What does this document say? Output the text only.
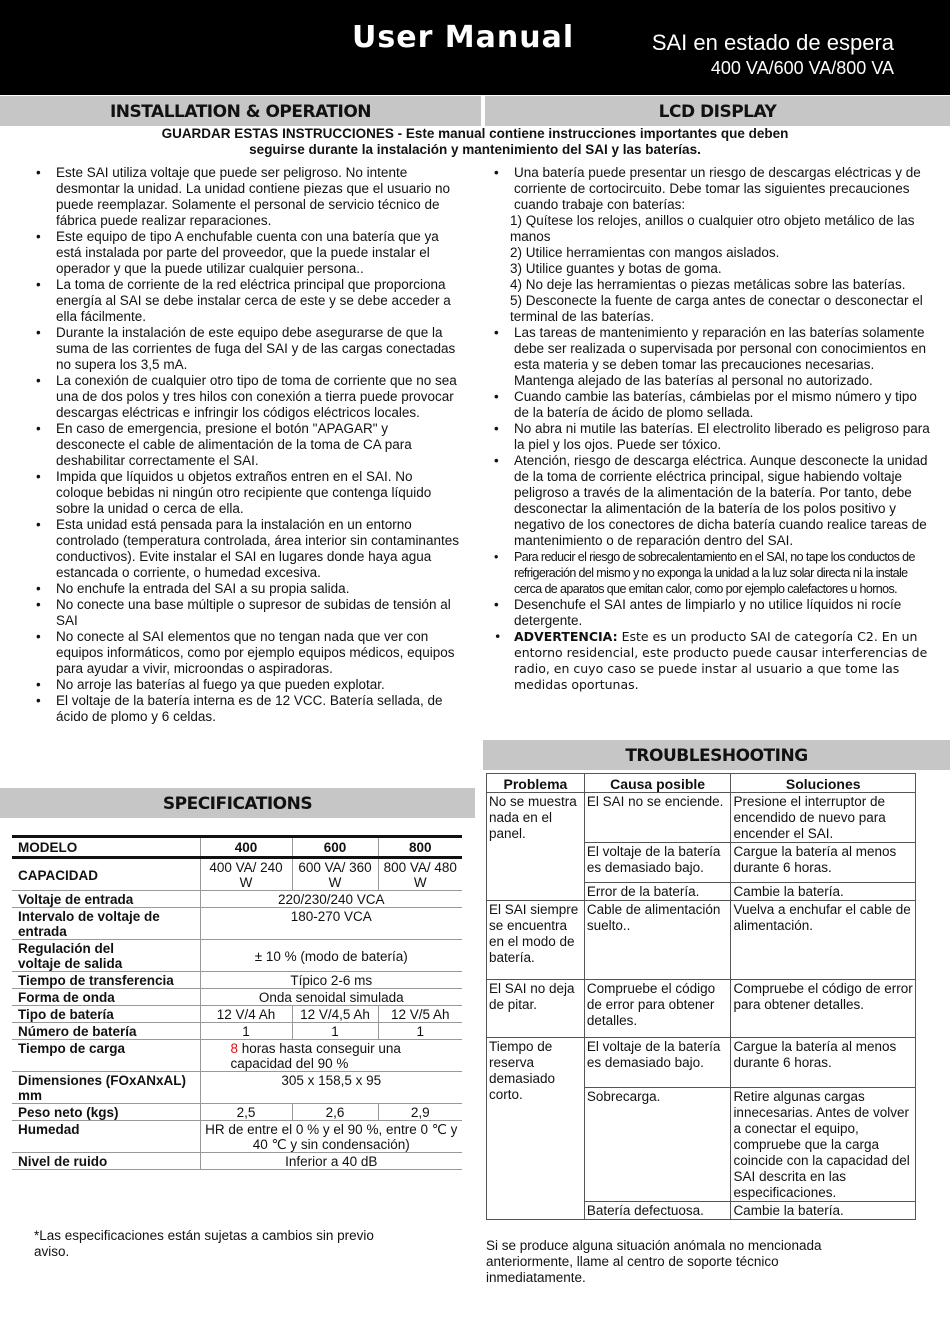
User Manual	SAI en estado de espera
400 VA/600 VA/800 VA
INSTALLATION & OPERATION	LCD DISPLAY
GUARDAR ESTAS INSTRUCCIONES - Este manual contiene instrucciones importantes que deben
seguirse durante la instalación y mantenimiento del SAI y las baterías.
• Este SAI utiliza voltaje que puede ser peligroso. No intente desmontar la unidad. La unidad contiene piezas que el usuario no puede reemplazar. Solamente el personal de servicio técnico de fábrica puede realizar reparaciones.
• Este equipo de tipo A enchufable cuenta con una batería que ya está instalada por parte del proveedor, que la puede instalar el operador y que la puede utilizar cualquier persona..
• La toma de corriente de la red eléctrica principal que proporciona energía al SAI se debe instalar cerca de este y se debe acceder a ella fácilmente.
• Durante la instalación de este equipo debe asegurarse de que la suma de las corrientes de fuga del SAI y de las cargas conectadas no supera los 3,5 mA.
• La conexión de cualquier otro tipo de toma de corriente que no sea una de dos polos y tres hilos con conexión a tierra puede provocar descargas eléctricas e infringir los códigos eléctricos locales.
• En caso de emergencia, presione el botón "APAGAR" y desconecte el cable de alimentación de la toma de CA para deshabilitar correctamente el SAI.
• Impida que líquidos u objetos extraños entren en el SAI. No coloque bebidas ni ningún otro recipiente que contenga líquido sobre la unidad o cerca de ella.
• Esta unidad está pensada para la instalación en un entorno controlado (temperatura controlada, área interior sin contaminantes conductivos). Evite instalar el SAI en lugares donde haya agua estancada o corriente, o humedad excesiva.
• No enchufe la entrada del SAI a su propia salida.
• No conecte una base múltiple o supresor de subidas de tensión al SAI
• No conecte al SAI elementos que no tengan nada que ver con equipos informáticos, como por ejemplo equipos médicos, equipos para ayudar a vivir, microondas o aspiradoras.
• No arroje las baterías al fuego ya que pueden explotar.
• El voltaje de la batería interna es de 12 VCC. Batería sellada, de ácido de plomo y 6 celdas.
• Una batería puede presentar un riesgo de descargas eléctricas y de corriente de cortocircuito. Debe tomar las siguientes precauciones cuando trabaje con baterías:
1) Quítese los relojes, anillos o cualquier otro objeto metálico de las manos
2) Utilice herramientas con mangos aislados.
3) Utilice guantes y botas de goma.
4) No deje las herramientas o piezas metálicas sobre las baterías.
5) Desconecte la fuente de carga antes de conectar o desconectar el terminal de las baterías.
• Las tareas de mantenimiento y reparación en las baterías solamente debe ser realizada o supervisada por personal con conocimientos en esta materia y se deben tomar las precauciones necesarias. Mantenga alejado de las baterías al personal no autorizado.
• Cuando cambie las baterías, cámbielas por el mismo número y tipo de la batería de ácido de plomo sellada.
• No abra ni mutile las baterías. El electrolito liberado es peligroso para la piel y los ojos. Puede ser tóxico.
• Atención, riesgo de descarga eléctrica. Aunque desconecte la unidad de la toma de corriente eléctrica principal, sigue habiendo voltaje peligroso a través de la alimentación de la batería. Por tanto, debe desconectar la alimentación de la batería de los polos positivo y negativo de los conectores de dicha batería cuando realice tareas de mantenimiento o de reparación dentro del SAI.
• Para reducir el riesgo de sobrecalentamiento en el SAI, no tape los conductos de refrigeración del mismo y no exponga la unidad a la luz solar directa ni la instale cerca de aparatos que emitan calor, como por ejemplo calefactores u hornos.
• Desenchufe el SAI antes de limpiarlo y no utilice líquidos ni rocíe detergente.
• ADVERTENCIA: Este es un producto SAI de categoría C2. En un entorno residencial, este producto puede causar interferencias de radio, en cuyo caso se puede instar al usuario a que tome las medidas oportunas.
SPECIFICATIONS
TROUBLESHOOTING
MODELO	400	600	800
CAPACIDAD	400 VA/ 240 W	600 VA/ 360 W	800 VA/ 480 W
Voltaje de entrada	220/230/240 VCA		
Intervalo de voltaje de entrada	180-270 VCA		
Regulación del voltaje de salida	± 10 % (modo de batería)		
Tiempo de transferencia	Típico 2-6 ms		
Forma de onda	Onda senoidal simulada		
Tipo de batería	12 V/4 Ah	12 V/4,5 Ah	12 V/5 Ah
Número de batería	1	1	1
Tiempo de carga	8 horas hasta conseguir una capacidad del 90 %		
Dimensiones (FOxANxAL) mm	305 x 158,5 x 95		
Peso neto (kgs)	2,5	2,6	2,9
Humedad	HR de entre el 0 % y el 90 %, entre 0 ℃ y 40 ℃ y sin condensación)		
Nivel de ruido	Inferior a 40 dB		
*Las especificaciones están sujetas a cambios sin previo aviso.
Problema	Causa posible	Soluciones
No se muestra nada en el panel.	El SAI no se enciende.	Presione el interruptor de encendido de nuevo para encender el SAI.
	El voltaje de la batería es demasiado bajo.	Cargue la batería al menos durante 6 horas.
	Error de la batería.	Cambie la batería.
El SAI siempre se encuentra en el modo de batería.	Cable de alimentación suelto..	Vuelva a enchufar el cable de alimentación.
El SAI no deja de pitar.	Compruebe el código de error para obtener detalles.	Compruebe el código de error para obtener detalles.
Tiempo de reserva demasiado corto.	El voltaje de la batería es demasiado bajo.	Cargue la batería al menos durante 6 horas.
	Sobrecarga.	Retire algunas cargas innecesarias. Antes de volver a conectar el equipo, compruebe que la carga coincide con la capacidad del SAI descrita en las especificaciones.
	Batería defectuosa.	Cambie la batería.
Si se produce alguna situación anómala no mencionada anteriormente, llame al centro de soporte técnico inmediatamente.
